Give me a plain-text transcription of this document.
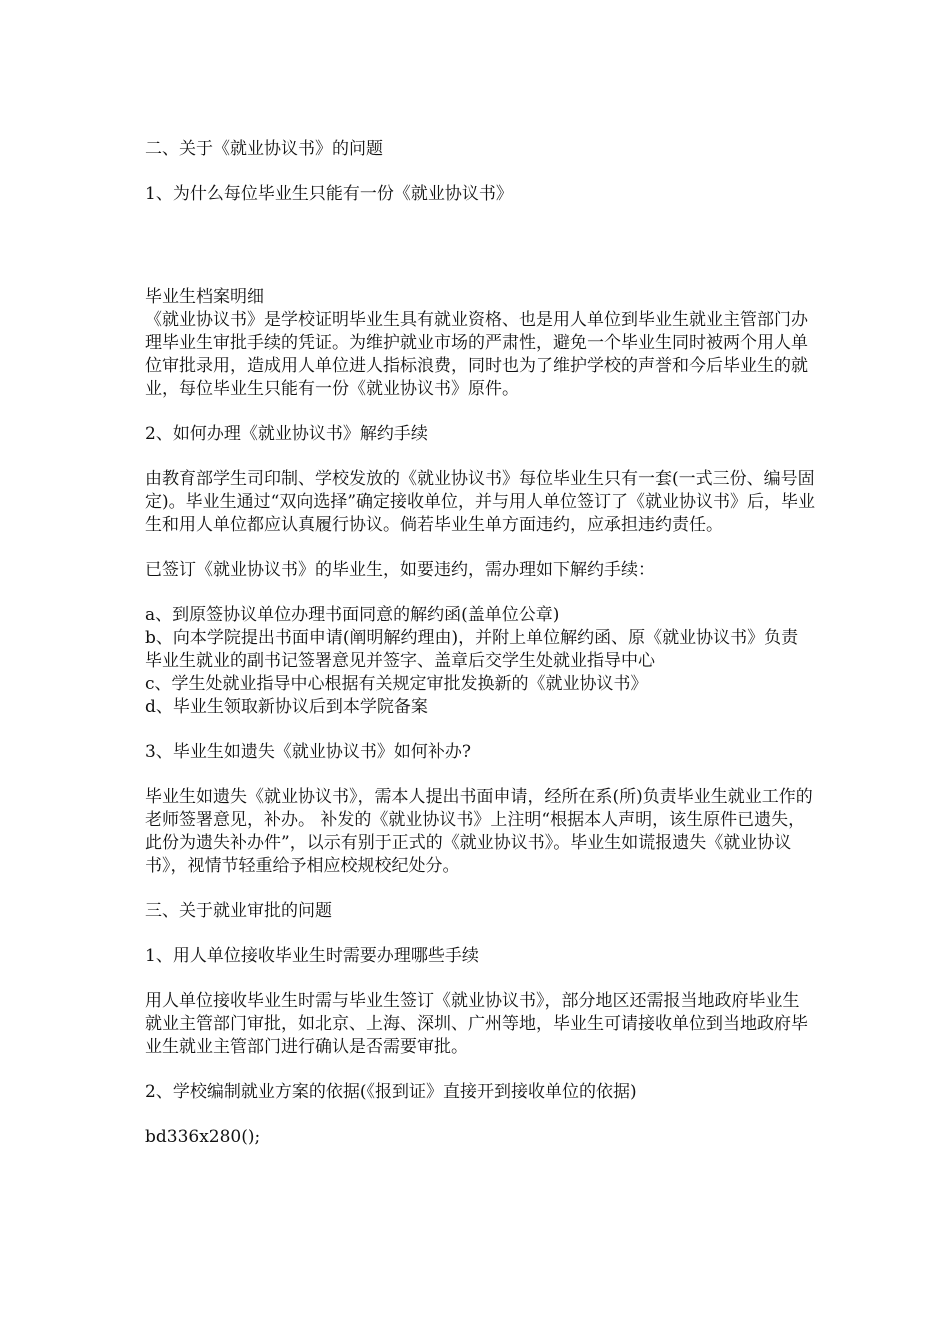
二、关于《就业协议书》的问题

1、为什么每位毕业生只能有一份《就业协议书》

毕业生档案明细

《就业协议书》是学校证明毕业生具有就业资格、也是用人单位到毕业生就业主管部门办理毕业生审批手续的凭证。为维护就业市场的严肃性，避免一个毕业生同时被两个用人单位审批录用，造成用人单位进人指标浪费，同时也为了维护学校的声誉和今后毕业生的就业，每位毕业生只能有一份《就业协议书》原件。

2、如何办理《就业协议书》解约手续

由教育部学生司印制、学校发放的《就业协议书》每位毕业生只有一套(一式三份、编号固定)。毕业生通过“双向选择”确定接收单位，并与用人单位签订了《就业协议书》后，毕业生和用人单位都应认真履行协议。倘若毕业生单方面违约，应承担违约责任。

已签订《就业协议书》的毕业生，如要违约，需办理如下解约手续：

a、到原签协议单位办理书面同意的解约函(盖单位公章)

b、向本学院提出书面申请(阐明解约理由)，并附上单位解约函、原《就业协议书》负责毕业生就业的副书记签署意见并签字、盖章后交学生处就业指导中心

c、学生处就业指导中心根据有关规定审批发换新的《就业协议书》

d、毕业生领取新协议后到本学院备案

3、毕业生如遗失《就业协议书》如何补办?

毕业生如遗失《就业协议书》，需本人提出书面申请，经所在系(所)负责毕业生就业工作的老师签署意见，补办。 补发的《就业协议书》上注明“根据本人声明，该生原件已遗失，此份为遗失补办件”，以示有别于正式的《就业协议书》。毕业生如谎报遗失《就业协议书》，视情节轻重给予相应校规校纪处分。

三、关于就业审批的问题

1、用人单位接收毕业生时需要办理哪些手续

用人单位接收毕业生时需与毕业生签订《就业协议书》，部分地区还需报当地政府毕业生就业主管部门审批，如北京、上海、深圳、广州等地，毕业生可请接收单位到当地政府毕业生就业主管部门进行确认是否需要审批。

2、学校编制就业方案的依据(《报到证》直接开到接收单位的依据)

bd336x280();
